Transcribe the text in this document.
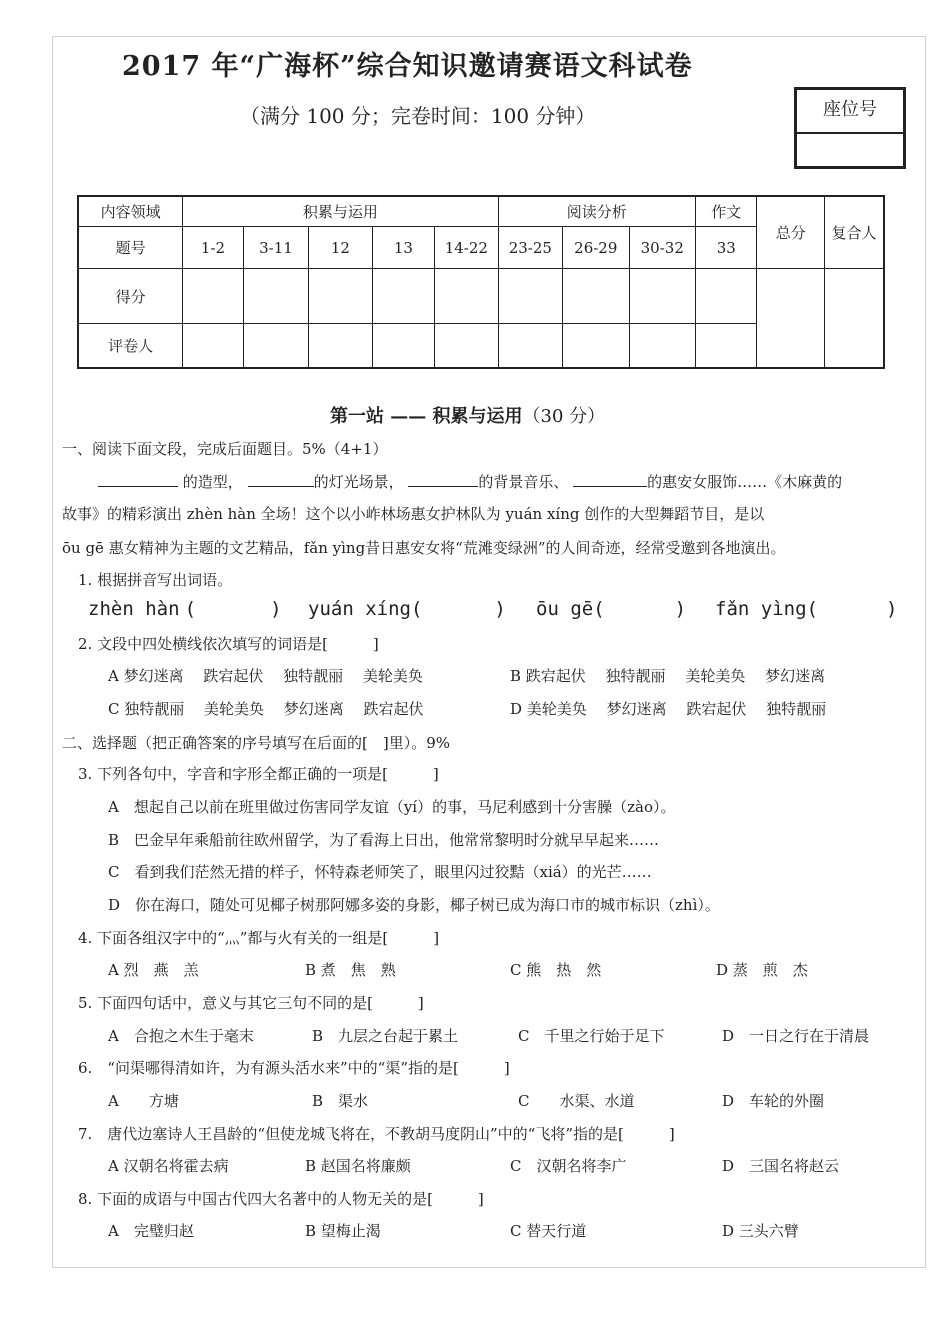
2017 年“广海杯”综合知识邀请赛语文科试卷
（满分 100 分；完卷时间：100 分钟）	座位号
内容领域	积累与运用					阅读分析			作文	总分	复合人
题号	1-2	3-11	12	13	14-22	23-25	26-29	30-32	33		
得分											
评卷人											
第一站 —— 积累与运用（30 分）
一、阅读下面文段，完成后面题目。5%（4+1）
的造型，	的灯光场景，	的背景音乐、	的惠安女服饰……《木麻黄的
故事》的精彩演出 zhèn hàn 全场！这个以小岞林场惠女护林队为 yuán xíng 创作的大型舞蹈节目，是以
ōu gē 惠女精神为主题的文艺精品，fǎn yìng昔日惠安女将“荒滩变绿洲”的人间奇迹，经常受邀到各地演出。
1. 根据拼音写出词语。
zhèn hàn (	) yuán xíng(	) ōu gē(	) fǎn yìng(	)
2. 文段中四处横线依次填写的词语是[　　　]
A 梦幻迷离　 跌宕起伏　 独特靓丽　 美轮美奂	B 跌宕起伏　 独特靓丽　 美轮美奂　 梦幻迷离
C 独特靓丽　 美轮美奂　 梦幻迷离　 跌宕起伏	D 美轮美奂　 梦幻迷离　 跌宕起伏　 独特靓丽
二、选择题（把正确答案的序号填写在后面的[　]里）。9%
3. 下列各句中，字音和字形全都正确的一项是[　　　]
A　想起自己以前在班里做过伤害同学友谊（yí）的事，马尼利感到十分害臊（zào）。
B　巴金早年乘船前往欧州留学，为了看海上日出，他常常黎明时分就早早起来……
C　看到我们茫然无措的样子，怀特森老师笑了，眼里闪过狡黠（xiá）的光芒……
D　你在海口，随处可见椰子树那阿娜多姿的身影，椰子树已成为海口市的城市标识（zhì）。
4. 下面各组汉字中的“灬”都与火有关的一组是[　　　]
A 烈　燕　羔	B 煮　焦　熟	C 熊　热　然	D 蒸　煎　杰
5. 下面四句话中，意义与其它三句不同的是[　　　]
A　合抱之木生于毫末	B　九层之台起于累土	C　千里之行始于足下	D　一日之行在于清晨
6.　“问渠哪得清如许，为有源头活水来”中的“渠”指的是[　　　]
A　　方塘	B　渠水	C　　水渠、水道	D　车轮的外圈
7.　唐代边塞诗人王昌龄的“但使龙城飞将在，不教胡马度阴山”中的“飞将”指的是[　　　]
A 汉朝名将霍去病	B 赵国名将廉颇	C　汉朝名将李广	D　三国名将赵云
8. 下面的成语与中国古代四大名著中的人物无关的是[　　　]
A　完璧归赵	B 望梅止渴	C 替天行道	D 三头六臂
